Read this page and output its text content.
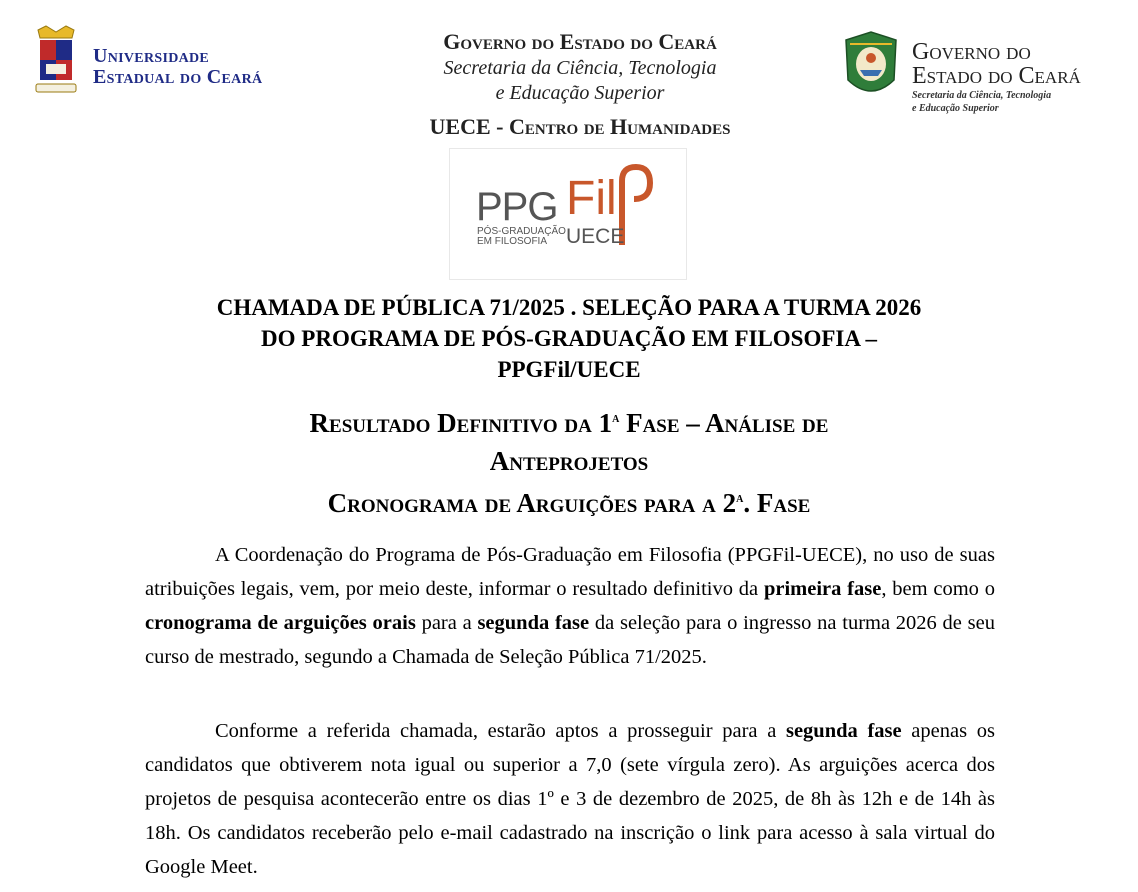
Universidade
Estadual do Ceará
Governo do Estado do Ceará
Secretaria da Ciência, Tecnologia
e Educação Superior
UECE - Centro de Humanidades
Governo do
Estado do Ceará
Secretaria da Ciência, Tecnologia
e Educação Superior
PPG Fil
PÓS-GRADUAÇÃO
EM FILOSOFIA UECE
CHAMADA DE PÚBLICA 71/2025 . SELEÇÃO PARA A TURMA 2026
DO PROGRAMA DE PÓS-GRADUAÇÃO EM FILOSOFIA –
PPGFil/UECE
Resultado Definitivo da 1$^a$ Fase – Análise de
Anteprojetos
Cronograma de Arguições para a 2$^a$. Fase
A Coordenação do Programa de Pós-Graduação em Filosofia (PPGFil-UECE), no uso de suas atribuições legais, vem, por meio deste, informar o resultado definitivo da primeira fase, bem como o cronograma de arguições orais para a segunda fase da seleção para o ingresso na turma 2026 de seu curso de mestrado, segundo a Chamada de Seleção Pública 71/2025.
Conforme a referida chamada, estarão aptos a prosseguir para a segunda fase apenas os candidatos que obtiverem nota igual ou superior a 7,0 (sete vírgula zero). As arguições acerca dos projetos de pesquisa acontecerão entre os dias 1º e 3 de dezembro de 2025, de 8h às 12h e de 14h às 18h. Os candidatos receberão pelo e-mail cadastrado na inscrição o link para acesso à sala virtual do Google Meet.
